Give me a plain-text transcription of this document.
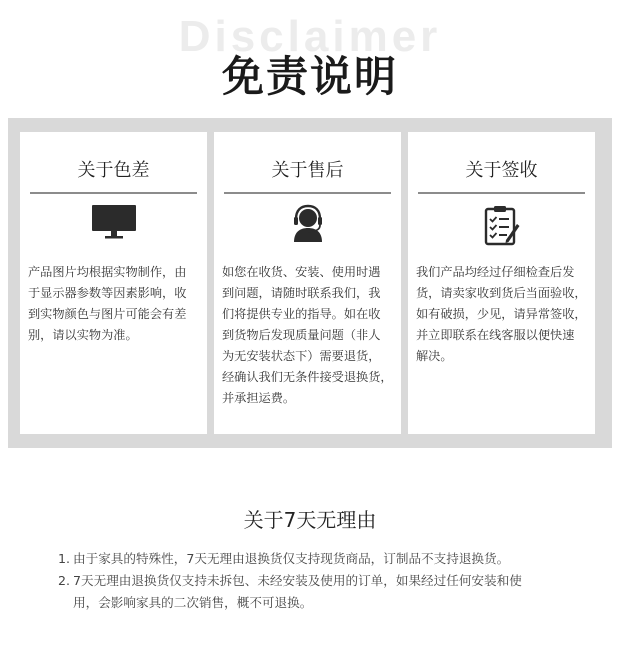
Disclaimer
免责说明
关于色差
产品图片均根据实物制作，由
于显示器参数等因素影响，收
到实物颜色与图片可能会有差
别，请以实物为准。
关于售后
如您在收货、安装、使用时遇
到问题，请随时联系我们，我
们将提供专业的指导。如在收
到货物后发现质量问题（非人
为无安装状态下）需要退货，
经确认我们无条件接受退换货，
并承担运费。
关于签收
我们产品均经过仔细检查后发
货，请卖家收到货后当面验收，
如有破损，少见，请异常签收，
并立即联系在线客服以便快速
解决。
关于7天无理由
1. 由于家具的特殊性，7天无理由退换货仅支持现货商品，订制品不支持退换货。
2. 7天无理由退换货仅支持未拆包、未经安装及使用的订单，如果经过任何安装和使
用，会影响家具的二次销售，概不可退换。
